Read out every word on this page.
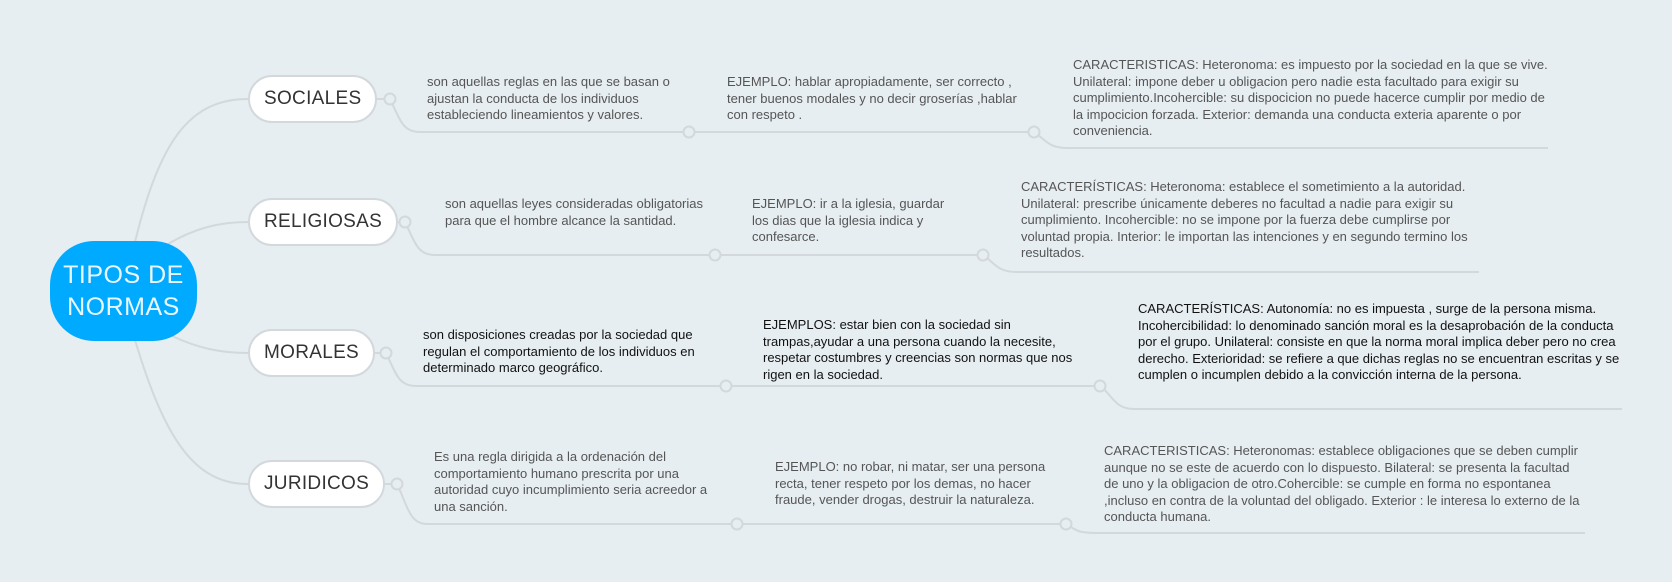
TIPOS DE NORMAS
SOCIALES
RELIGIOSAS
MORALES
JURIDICOS
son aquellas reglas en las que se basan o ajustan la conducta de los individuos estableciendo lineamientos y valores.
EJEMPLO: hablar apropiadamente, ser correcto , tener buenos modales y no decir groserías ,hablar con respeto .
CARACTERISTICAS: Heteronoma: es impuesto por la sociedad en la que se vive. Unilateral: impone deber u obligacion pero nadie esta facultado para exigir su cumplimiento.Incohercible: su dispocicion no puede hacerce cumplir por medio de la impocicion forzada. Exterior: demanda una conducta exteria aparente o por conveniencia.
son aquellas leyes consideradas obligatorias para que el hombre alcance la santidad.
EJEMPLO: ir a la iglesia, guardar los dias que la iglesia indica y confesarce.
CARACTERÍSTICAS: Heteronoma: establece el sometimiento a la autoridad. Unilateral: prescribe únicamente deberes no facultad a nadie para exigir su cumplimiento. Incohercible: no se impone por la fuerza debe cumplirse por voluntad propia. Interior: le importan las intenciones y en segundo termino los resultados.
son disposiciones creadas por la sociedad que regulan el comportamiento de los individuos en determinado marco geográfico.
EJEMPLOS: estar bien con la sociedad sin trampas,ayudar a una persona cuando la necesite, respetar costumbres y creencias son normas que nos rigen en la sociedad.
CARACTERÍSTICAS: Autonomía: no es impuesta , surge de la persona misma. Incohercibilidad: lo denominado sanción moral es la desaprobación de la conducta por el grupo. Unilateral: consiste en que la norma moral implica deber pero no crea derecho. Exterioridad: se refiere a que dichas reglas no se encuentran escritas y se cumplen o incumplen debido a la convicción interna de la persona.
Es una regla dirigida a la ordenación del comportamiento humano prescrita por una autoridad cuyo incumplimiento seria acreedor a una sanción.
EJEMPLO: no robar, ni matar, ser una persona recta, tener respeto por los demas, no hacer fraude, vender drogas, destruir la naturaleza.
CARACTERISTICAS: Heteronomas: establece obligaciones que se deben cumplir aunque no se este de acuerdo con lo dispuesto. Bilateral: se presenta la facultad de uno y la obligacion de otro.Cohercible: se cumple en forma no espontanea ,incluso en contra de la voluntad del obligado. Exterior : le interesa lo externo de la conducta humana.
